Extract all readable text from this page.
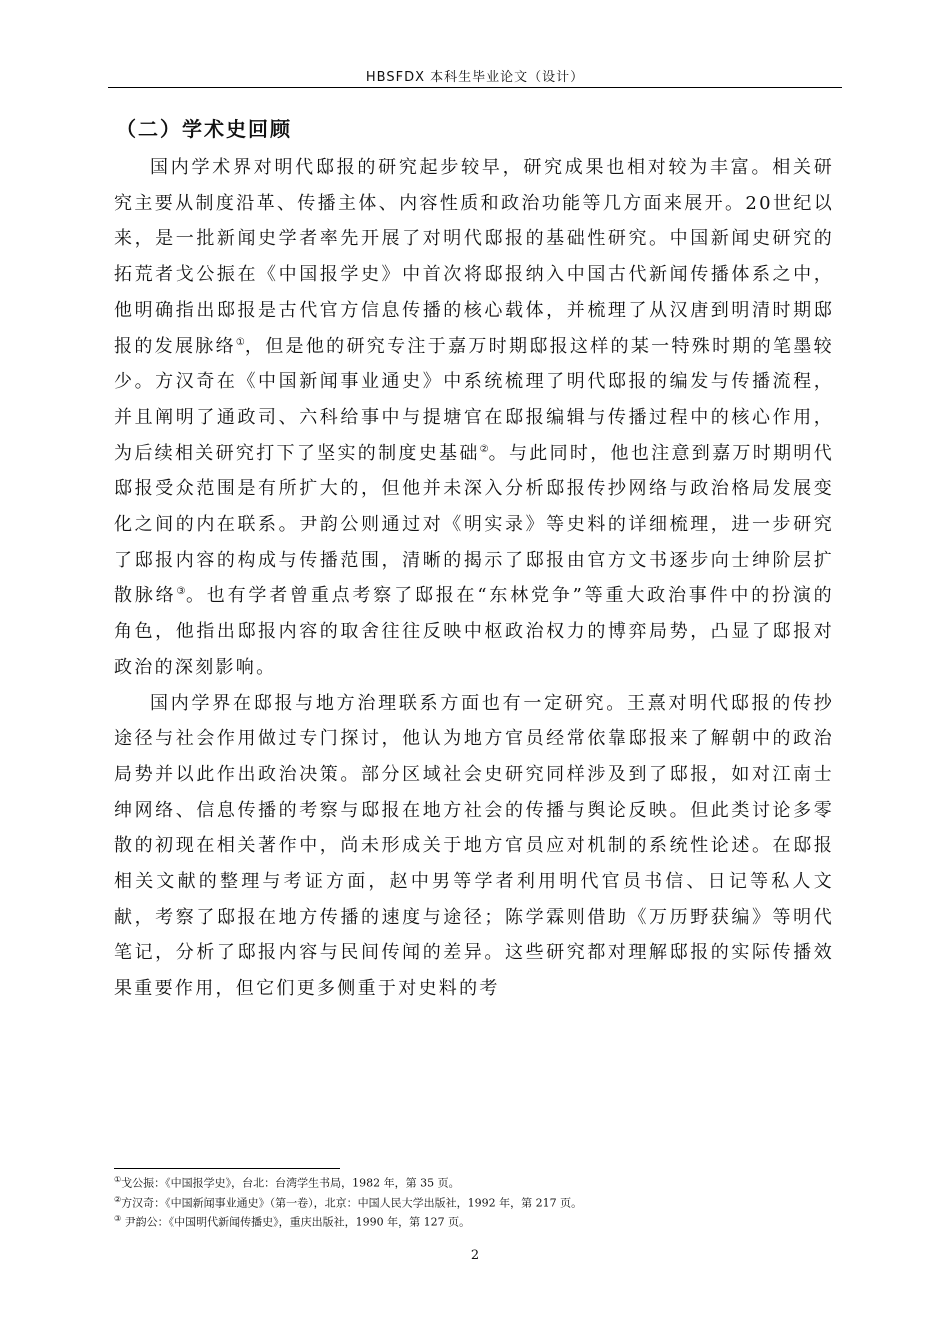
HBSFDX 本科生毕业论文（设计）
（二）学术史回顾

国内学术界对明代邸报的研究起步较早，研究成果也相对较为丰富。相关研究主要从制度沿革、传播主体、内容性质和政治功能等几方面来展开。20世纪以来，是一批新闻史学者率先开展了对明代邸报的基础性研究。中国新闻史研究的拓荒者戈公振在《中国报学史》中首次将邸报纳入中国古代新闻传播体系之中，他明确指出邸报是古代官方信息传播的核心载体，并梳理了从汉唐到明清时期邸报的发展脉络①，但是他的研究专注于嘉万时期邸报这样的某一特殊时期的笔墨较少。方汉奇在《中国新闻事业通史》中系统梳理了明代邸报的编发与传播流程，并且阐明了通政司、六科给事中与提塘官在邸报编辑与传播过程中的核心作用，为后续相关研究打下了坚实的制度史基础②。与此同时，他也注意到嘉万时期明代邸报受众范围是有所扩大的，但他并未深入分析邸报传抄网络与政治格局发展变化之间的内在联系。尹韵公则通过对《明实录》等史料的详细梳理，进一步研究了邸报内容的构成与传播范围，清晰的揭示了邸报由官方文书逐步向士绅阶层扩散脉络③。也有学者曾重点考察了邸报在“东林党争”等重大政治事件中的扮演的角色，他指出邸报内容的取舍往往反映中枢政治权力的博弈局势，凸显了邸报对政治的深刻影响。

国内学界在邸报与地方治理联系方面也有一定研究。王熹对明代邸报的传抄途径与社会作用做过专门探讨，他认为地方官员经常依靠邸报来了解朝中的政治局势并以此作出政治决策。部分区域社会史研究同样涉及到了邸报，如对江南士绅网络、信息传播的考察与邸报在地方社会的传播与舆论反映。但此类讨论多零散的初现在相关著作中，尚未形成关于地方官员应对机制的系统性论述。在邸报相关文献的整理与考证方面，赵中男等学者利用明代官员书信、日记等私人文献，考察了邸报在地方传播的速度与途径；陈学霖则借助《万历野获编》等明代笔记，分析了邸报内容与民间传闻的差异。这些研究都对理解邸报的实际传播效果重要作用，但它们更多侧重于对史料的考

①戈公振：《中国报学史》，台北：台湾学生书局，1982 年，第 35 页。

②方汉奇：《中国新闻事业通史》（第一卷），北京：中国人民大学出版社，1992 年，第 217 页。

③ 尹韵公：《中国明代新闻传播史》，重庆出版社，1990 年，第 127 页。

2
